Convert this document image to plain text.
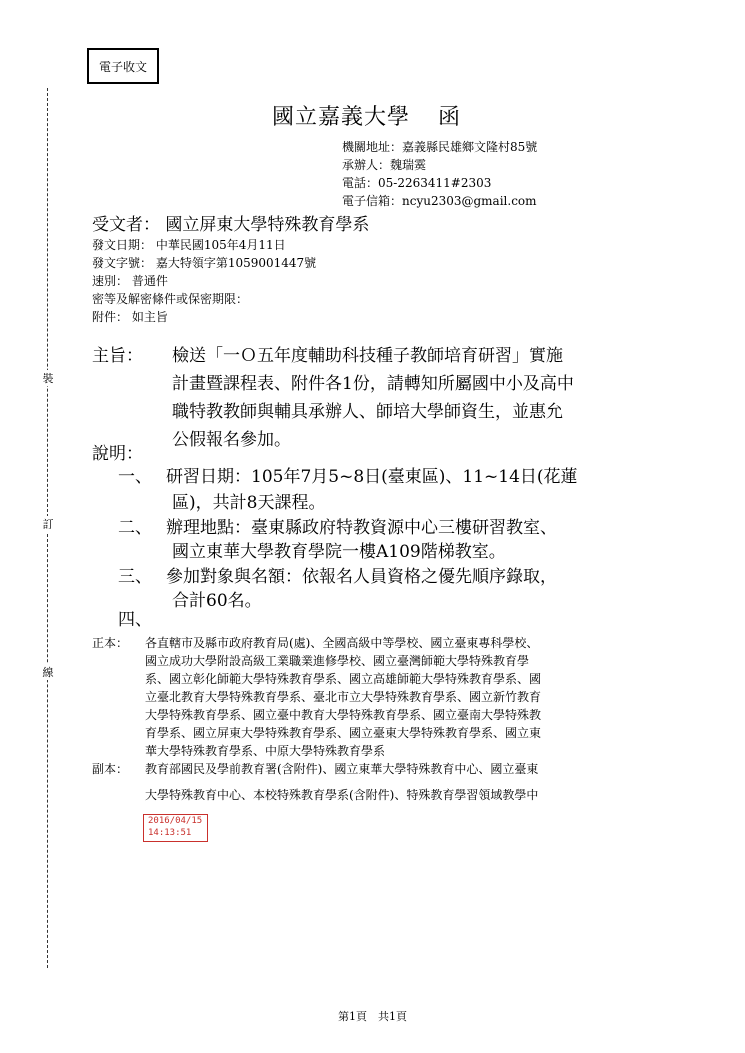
電子收文
裝
訂
線
國立嘉義大學 函
機關地址：嘉義縣民雄鄉文隆村85號
承辦人：魏瑞霙
電話：05-2263411#2303
電子信箱：ncyu2303@gmail.com
受文者： 國立屏東大學特殊教育學系
發文日期： 中華民國105年4月11日
發文字號： 嘉大特領字第1059001447號
速別： 普通件
密等及解密條件或保密期限：
附件： 如主旨
主旨： 檢送「一Ｏ五年度輔助科技種子教師培育研習」實施
計畫暨課程表、附件各1份，請轉知所屬國中小及高中
職特教教師與輔具承辦人、師培大學師資生，並惠允
公假報名參加。
說明：
一、 研習日期：105年7月5~8日(臺東區)、11~14日(花蓮
區)，共計8天課程。
二、 辦理地點：臺東縣政府特教資源中心三樓研習教室、
國立東華大學教育學院一樓A109階梯教室。
三、 參加對象與名額：依報名人員資格之優先順序錄取，
合計60名。
四、
正本： 各直轄市及縣市政府教育局(處)、全國高級中等學校、國立臺東專科學校、
國立成功大學附設高級工業職業進修學校、國立臺灣師範大學特殊教育學
系、國立彰化師範大學特殊教育學系、國立高雄師範大學特殊教育學系、國
立臺北教育大學特殊教育學系、臺北市立大學特殊教育學系、國立新竹教育
大學特殊教育學系、國立臺中教育大學特殊教育學系、國立臺南大學特殊教
育學系、國立屏東大學特殊教育學系、國立臺東大學特殊教育學系、國立東
華大學特殊教育學系、中原大學特殊教育學系
副本： 教育部國民及學前教育署(含附件)、國立東華大學特殊教育中心、國立臺東
大學特殊教育中心、本校特殊教育學系(含附件)、特殊教育學習領域教學中
2016/04/15
14:13:51
第1頁　共1頁
